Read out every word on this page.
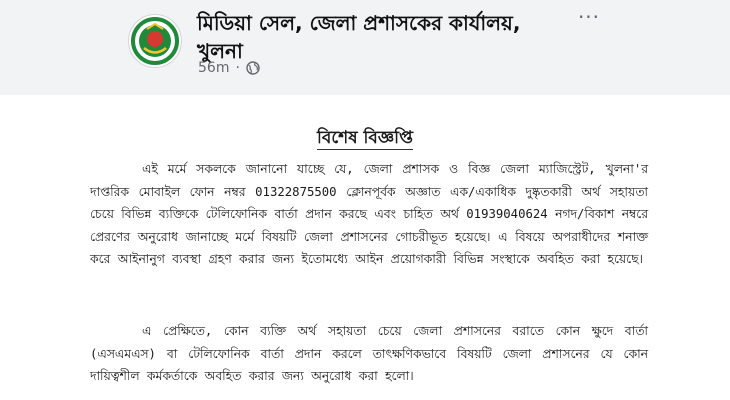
মিডিয়া সেল, জেলা প্রশাসকের কার্যালয়, খুলনা
56m ·
···
বিশেষ বিজ্ঞপ্তি
এই মর্মে সকলকে জানানো যাচ্ছে যে, জেলা প্রশাসক ও বিজ্ঞ জেলা ম্যাজিস্ট্রেট, খুলনা'র দাপ্তরিক মোবাইল ফোন নম্বর 01322875500 ক্লোনপূর্বক অজ্ঞাত এক/একাধিক দুষ্কৃতকারী অর্থ সহায়তা চেয়ে বিভিন্ন ব্যক্তিকে টেলিফোনিক বার্তা প্রদান করছে এবং চাহিত অর্থ 01939040624 নগদ/বিকাশ নম্বরে প্রেরণের অনুরোধ জানাচ্ছে মর্মে বিষয়টি জেলা প্রশাসনের গোচরীভূত হয়েছে। এ বিষয়ে অপরাধীদের শনাক্ত করে আইনানুগ ব্যবস্থা গ্রহণ করার জন্য ইতোমধ্যে আইন প্রয়োগকারী বিভিন্ন সংস্থাকে অবহিত করা হয়েছে।
এ প্রেক্ষিতে, কোন ব্যক্তি অর্থ সহায়তা চেয়ে জেলা প্রশাসনের বরাতে কোন ক্ষুদে বার্তা (এসএমএস) বা টেলিফোনিক বার্তা প্রদান করলে তাৎক্ষণিকভাবে বিষয়টি জেলা প্রশাসনের যে কোন দায়িত্বশীল কর্মকর্তাকে অবহিত করার জন্য অনুরোধ করা হলো।
